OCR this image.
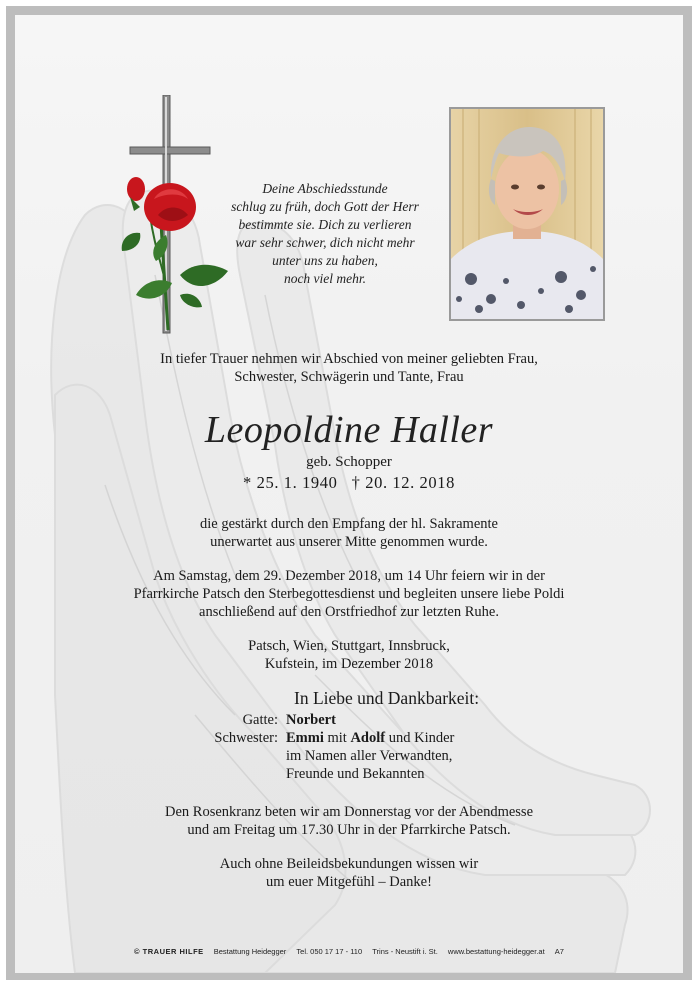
Deine Abschiedsstunde
schlug zu früh, doch Gott der Herr
bestimmte sie. Dich zu verlieren
war sehr schwer, dich nicht mehr
unter uns zu haben,
noch viel mehr.
In tiefer Trauer nehmen wir Abschied von meiner geliebten Frau,
Schwester, Schwägerin und Tante, Frau
Leopoldine Haller
geb. Schopper
* 25. 1. 1940 † 20. 12. 2018
die gestärkt durch den Empfang der hl. Sakramente
unerwartet aus unserer Mitte genommen wurde.
Am Samstag, dem 29. Dezember 2018, um 14 Uhr feiern wir in der
Pfarrkirche Patsch den Sterbegottesdienst und begleiten unsere liebe Poldi
anschließend auf den Orstfriedhof zur letzten Ruhe.
Patsch, Wien, Stuttgart, Innsbruck,
Kufstein, im Dezember 2018
In Liebe und Dankbarkeit:
Gatte: Norbert
Schwester: Emmi mit Adolf und Kinder
im Namen aller Verwandten,
Freunde und Bekannten
Den Rosenkranz beten wir am Donnerstag vor der Abendmesse
und am Freitag um 17.30 Uhr in der Pfarrkirche Patsch.
Auch ohne Beileidsbekundungen wissen wir
um euer Mitgefühl – Danke!
© TRAUER HILFE Bestattung Heidegger Tel. 050 17 17 - 110 Trins - Neustift i. St. www.bestattung-heidegger.at A7
